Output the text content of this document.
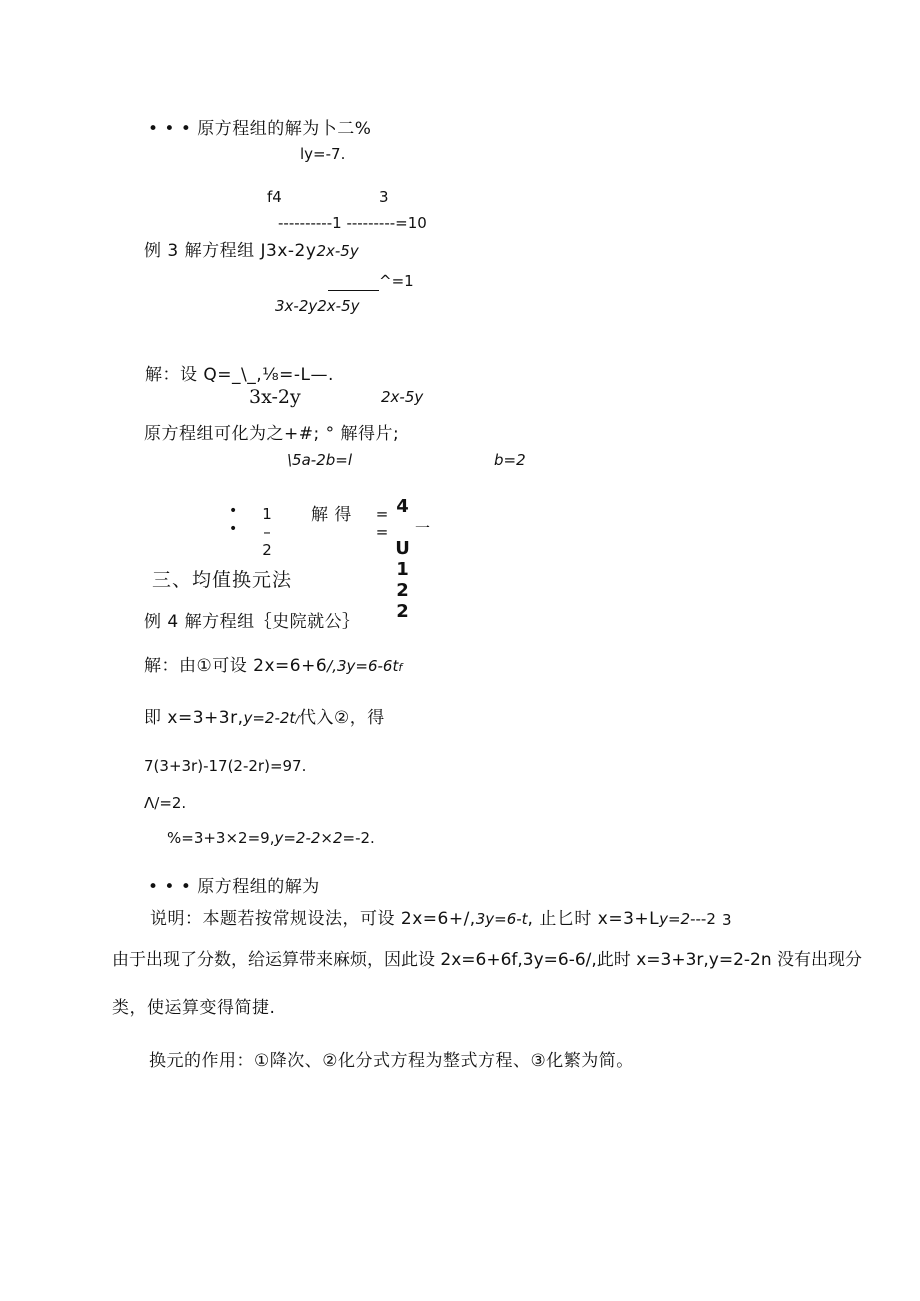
• • • 原方程组的解为卜二%
ly=-7.
f4	3
----------1 ---------=10
例 3 解方程组 J3x-2y2x-5y
^=1
3x-2y2x-5y
解：设 Q=_\_,⅛=-L—.
3x-2y	2x-5y
原方程组可化为之+#; ° 解得片;
\5a-2b=l	b=2
•
• 1–2 解 得 == 4 U122 一
三、均值换元法
例 4 解方程组｛史院就公｝
解：由①可设 2x=6+6∕,3y=6-6tf
即 x=3+3r,y=2-2t∕代入②，得
7(3+3r)-17(2-2r)=97.
Λ∕=2.
%=3+3×2=9,y=2-2×2=-2.
• • • 原方程组的解为
说明：本题若按常规设法，可设 2x=6+∕,3y=6-t, 止匕时 x=3+Ly=2---2 3
由于出现了分数，给运算带来麻烦，因此设 2x=6+6f,3y=6-6∕,此时 x=3+3r,y=2-2n 没有出现分
类，使运算变得简捷.
换元的作用：①降次、②化分式方程为整式方程、③化繁为简。
